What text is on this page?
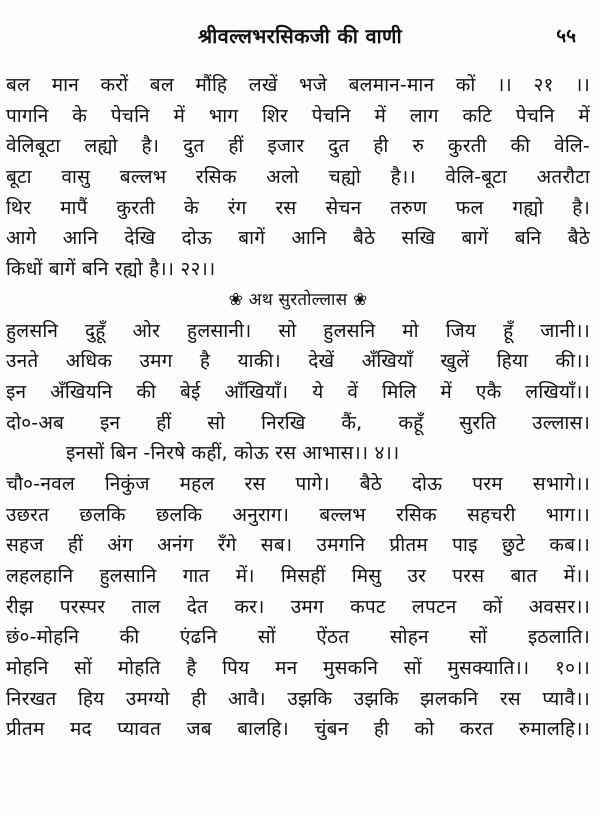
श्रीवल्लभरसिकजी की वाणी	५५
बल मान करों बल मौंहि लखें भजे बलमान-मान कों ।। २१ ।।
पागनि के पेचनि में भाग शिर पेचनि में लाग कटि पेचनि में
वेलिबूटा लह्यो है। दुत हीं इजार दुत ही रु कुरती की वेलि-
बूटा वासु बल्लभ रसिक अलो चह्यो है।। वेलि-बूटा अतरौटा
थिर मापैं कुरती के रंग रस सेचन तरुण फल गह्यो है।
आगे आनि देखि दोऊ बागें आनि बैठे सखि बागें बनि बैठे
किधों बागें बनि रह्यो है।। २२।।
❀ अथ सुरतोल्लास ❀
हुलसनि दुहूँ ओर हुलसानी। सो हुलसनि मो जिय हूँ जानी।।
उनते अधिक उमग है याकी। देखें अँखियाँ खुलें हिया की।।
इन अँखियनि की बेई आँखियाँ। ये वें मिलि में एकै लखियाँ।।
दो०-अब इन हीं सो निरखि कैं, कहूँ सुरति उल्लास।
इनसों बिन -निरषे कहीं, कोऊ रस आभास।। ४।।
चौ०-नवल निकुंज महल रस पागे। बैठे दोऊ परम सभागे।।
उछरत छलकि छलकि अनुराग। बल्लभ रसिक सहचरी भाग।।
सहज हीं अंग अनंग रँगे सब। उमगनि प्रीतम पाइ छुटे कब।।
लहलहानि हुलसानि गात में। मिसहीं मिसु उर परस बात में।।
रीझ परस्पर ताल देत कर। उमग कपट लपटन कों अवसर।।
छं०-मोहनि की एंढनि सों ऐंठत सोहन सों इठलाति।
मोहनि सों मोहति है पिय मन मुसकनि सों मुसक्याति।। १०।।
निरखत हिय उमग्यो ही आवै। उझकि उझकि झलकनि रस प्यावै।।
प्रीतम मद प्यावत जब बालहि। चुंबन ही को करत रुमालहि।।
